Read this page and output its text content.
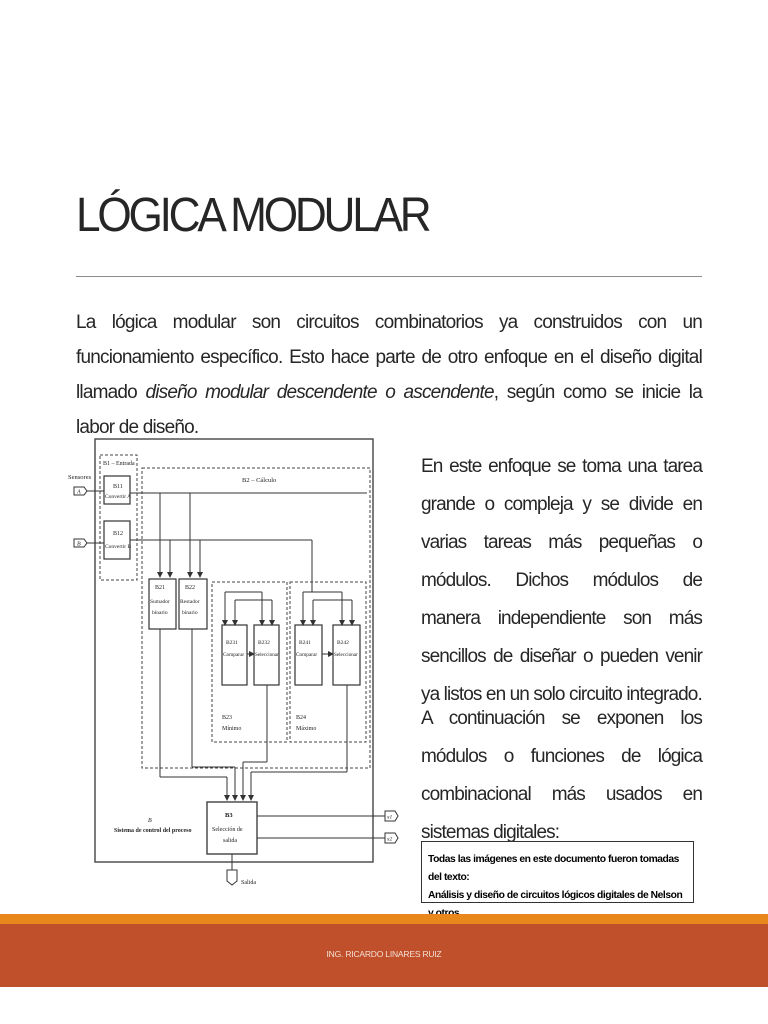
LÓGICA MODULAR

La lógica modular son circuitos combinatorios ya construidos con un funcionamiento específico. Esto hace parte de otro enfoque en el diseño digital llamado diseño modular descendente o ascendente, según como se inicie la labor de diseño.

B1 – Entrada
B2 – Cálculo
Sensores
A
B
B11
Convertir A
B12
Convertir B
B21
Sumador
binario
B22
Restador
binario
B231
Comparar
B232
Seleccionar
B23
Mínimo
B241
Comparar
B242
Seleccionar
B24
Máximo
B3
Selección de
salida
B
Sistema de control del proceso
x1
x2
Salida

En este enfoque se toma una tarea grande o compleja y se divide en varias tareas más pequeñas o módulos. Dichos módulos de manera independiente son más sencillos de diseñar o pueden venir ya listos en un solo circuito integrado.

A continuación se exponen los módulos o funciones de lógica combinacional más usados en sistemas digitales:

Todas las imágenes en este documento fueron tomadas del texto:
Análisis y diseño de circuitos lógicos digitales de Nelson
ING. RICARDO LINARES RUIZ
